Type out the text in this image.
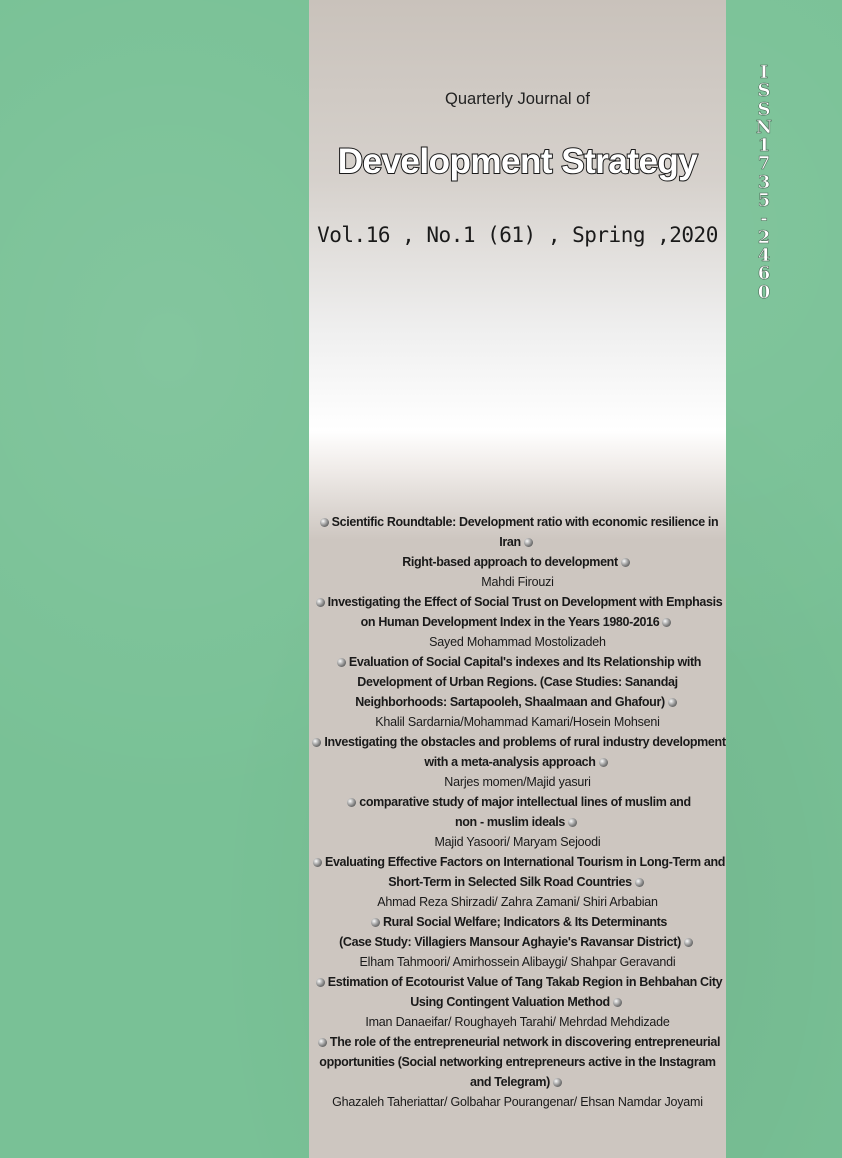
Quarterly Journal of
Development Strategy
Vol.16 , No.1 (61) , Spring ,2020
I
S
S
N
1
7
3
5
-
2
4
6
0
Scientific Roundtable: Development ratio with economic resilience in Iran
Right-based approach to development
Mahdi Firouzi
Investigating the Effect of Social Trust on Development with Emphasis
on Human Development Index in the Years 1980-2016
Sayed Mohammad Mostolizadeh
Evaluation of Social Capital's indexes and Its Relationship with
Development of Urban Regions. (Case Studies: Sanandaj
Neighborhoods: Sartapooleh, Shaalmaan and Ghafour)
Khalil Sardarnia/Mohammad Kamari/Hosein Mohseni
Investigating the obstacles and problems of rural industry development
with a meta-analysis approach
Narjes momen/Majid yasuri
comparative study of major intellectual lines of muslim and
non - muslim ideals
Majid Yasoori/ Maryam Sejoodi
Evaluating Effective Factors on International Tourism in Long-Term and
Short-Term in Selected Silk Road Countries
Ahmad Reza Shirzadi/ Zahra Zamani/ Shiri Arbabian
Rural Social Welfare; Indicators & Its Determinants
(Case Study: Villagiers Mansour Aghayie's Ravansar District)
Elham Tahmoori/ Amirhossein Alibaygi/ Shahpar Geravandi
Estimation of Ecotourist Value of Tang Takab Region in Behbahan City
Using Contingent Valuation Method
Iman Danaeifar/ Roughayeh Tarahi/ Mehrdad Mehdizade
The role of the entrepreneurial network in discovering entrepreneurial
opportunities (Social networking entrepreneurs active in the Instagram
and Telegram)
Ghazaleh Taheriattar/ Golbahar Pourangenar/ Ehsan Namdar Joyami
